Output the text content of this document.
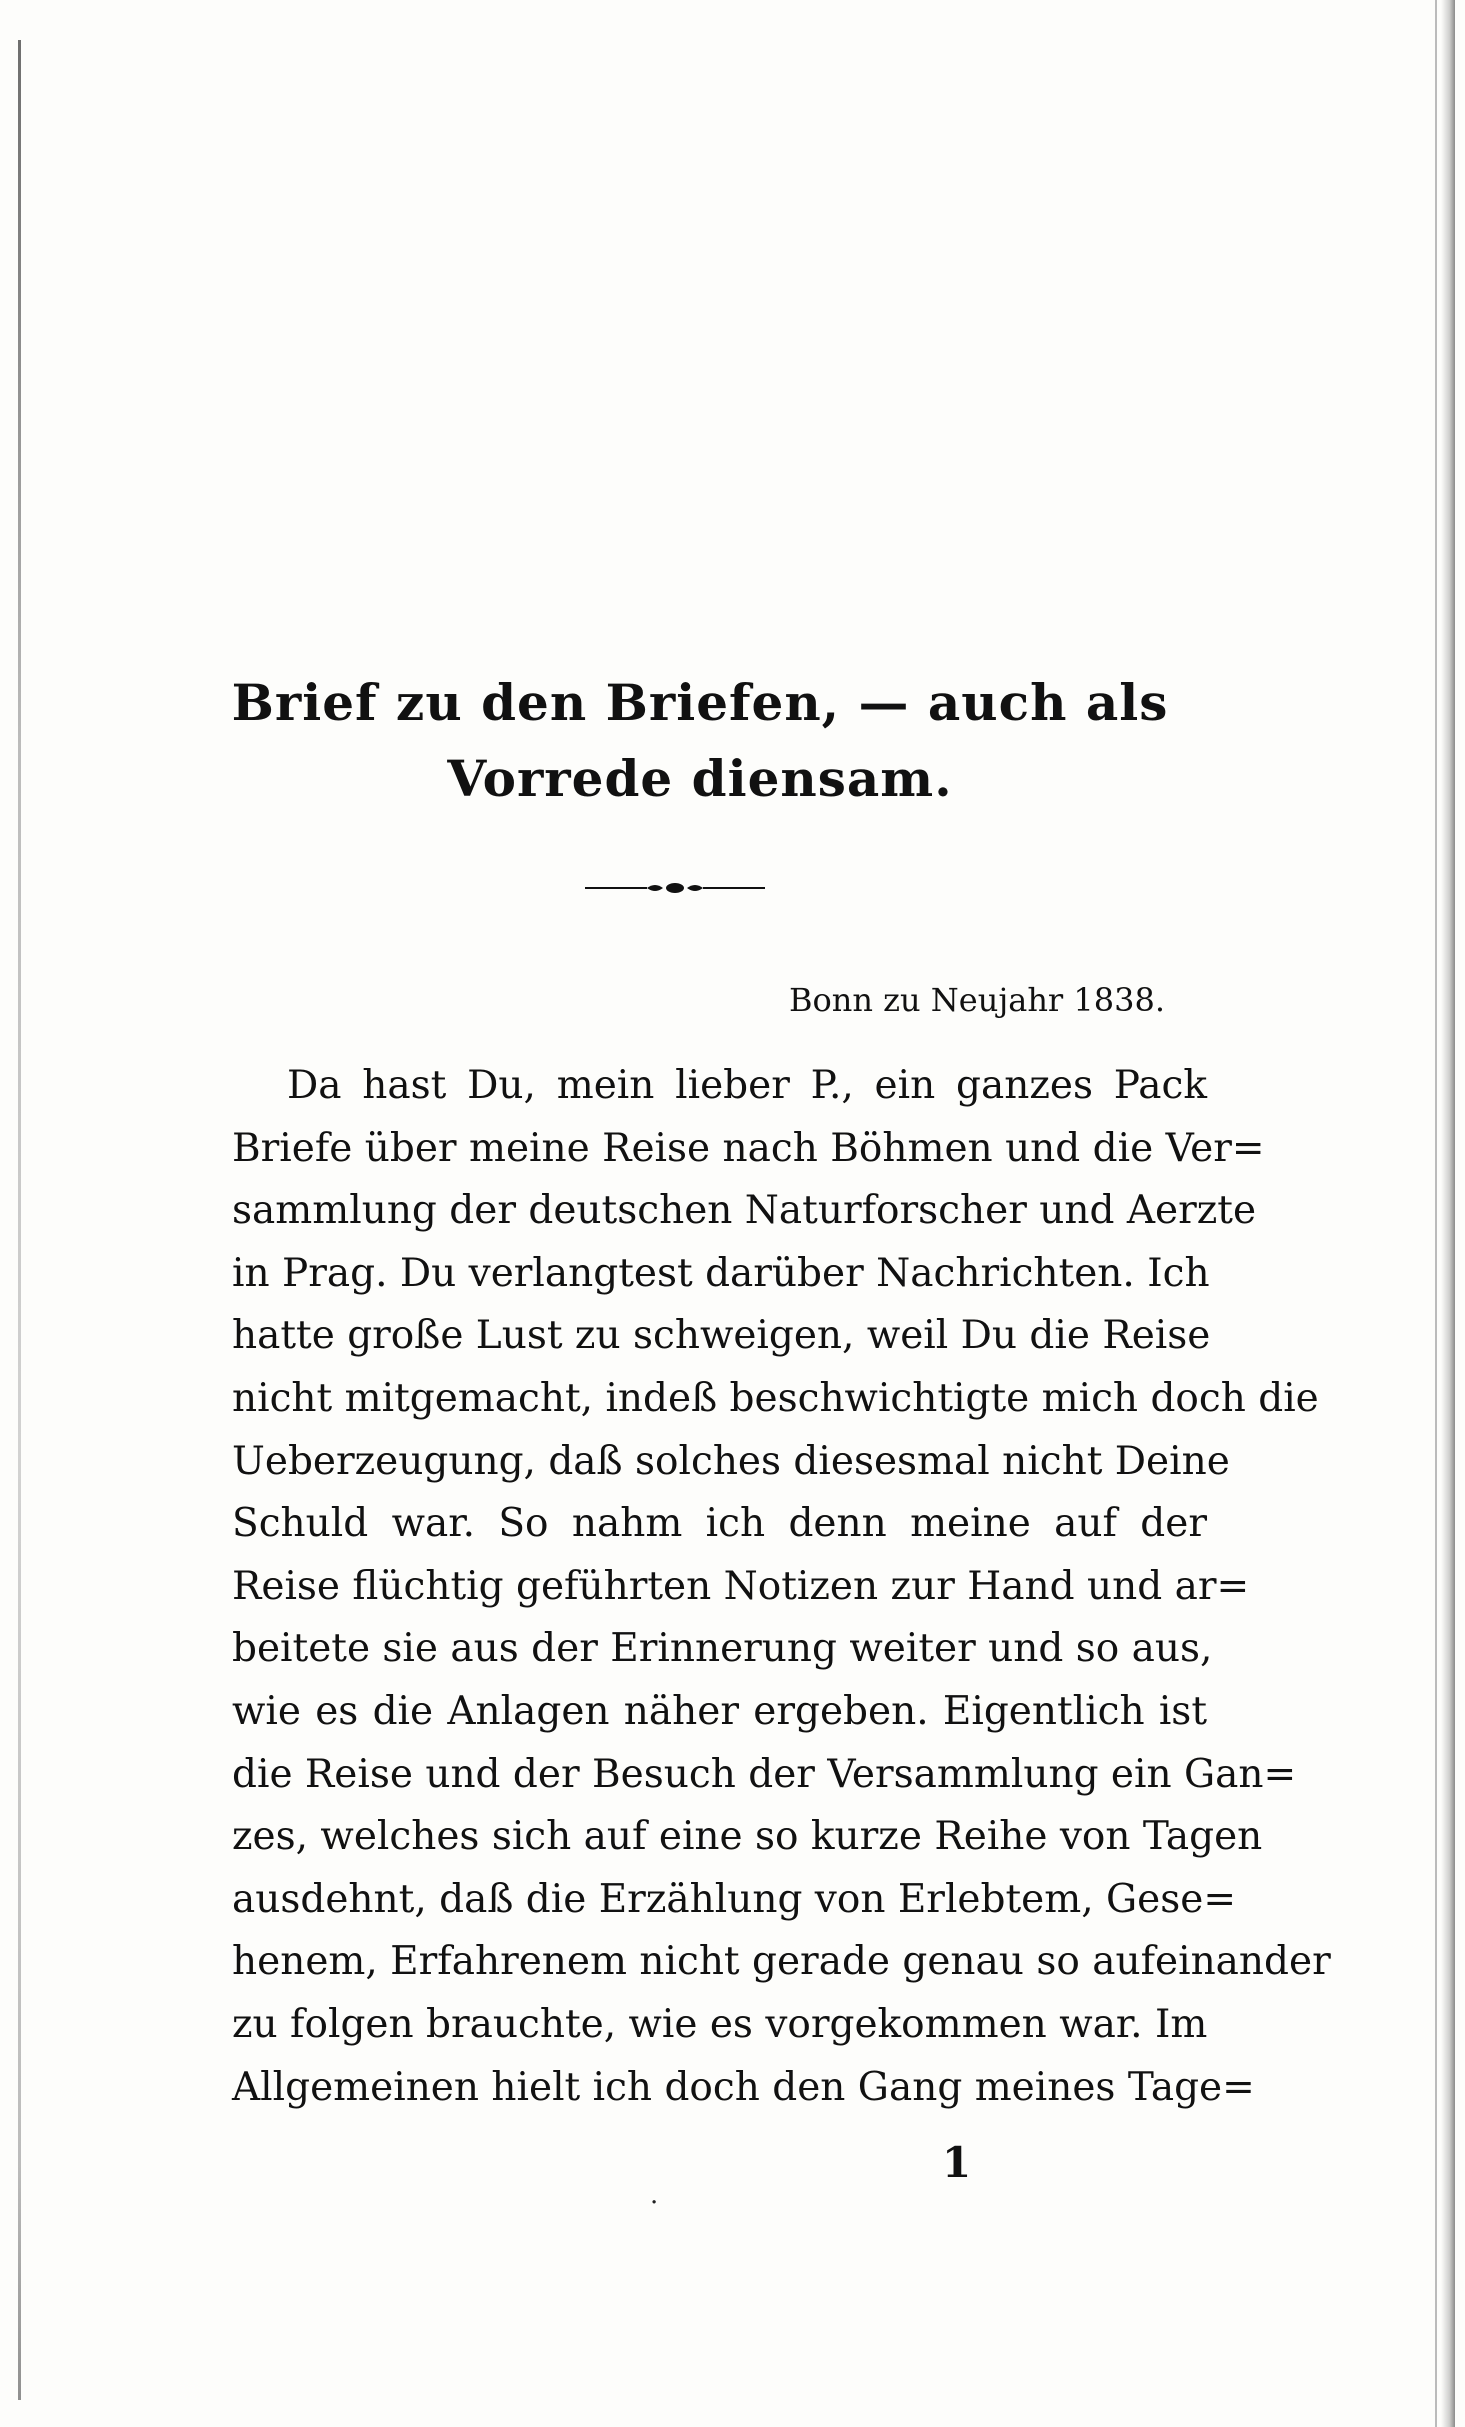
Brief zu den Briefen, — auch als
Vorrede diensam.
Bonn zu Neujahr 1838.
Da hast Du, mein lieber P., ein ganzes Pack
Briefe über meine Reise nach Böhmen und die Ver=
sammlung der deutschen Naturforscher und Aerzte
in Prag. Du verlangtest darüber Nachrichten. Ich
hatte große Lust zu schweigen, weil Du die Reise
nicht mitgemacht, indeß beschwichtigte mich doch die
Ueberzeugung, daß solches diesesmal nicht Deine
Schuld war. So nahm ich denn meine auf der
Reise flüchtig geführten Notizen zur Hand und ar=
beitete sie aus der Erinnerung weiter und so aus,
wie es die Anlagen näher ergeben. Eigentlich ist
die Reise und der Besuch der Versammlung ein Gan=
zes, welches sich auf eine so kurze Reihe von Tagen
ausdehnt, daß die Erzählung von Erlebtem, Gese=
henem, Erfahrenem nicht gerade genau so aufeinander
zu folgen brauchte, wie es vorgekommen war. Im
Allgemeinen hielt ich doch den Gang meines Tage=
·
1
